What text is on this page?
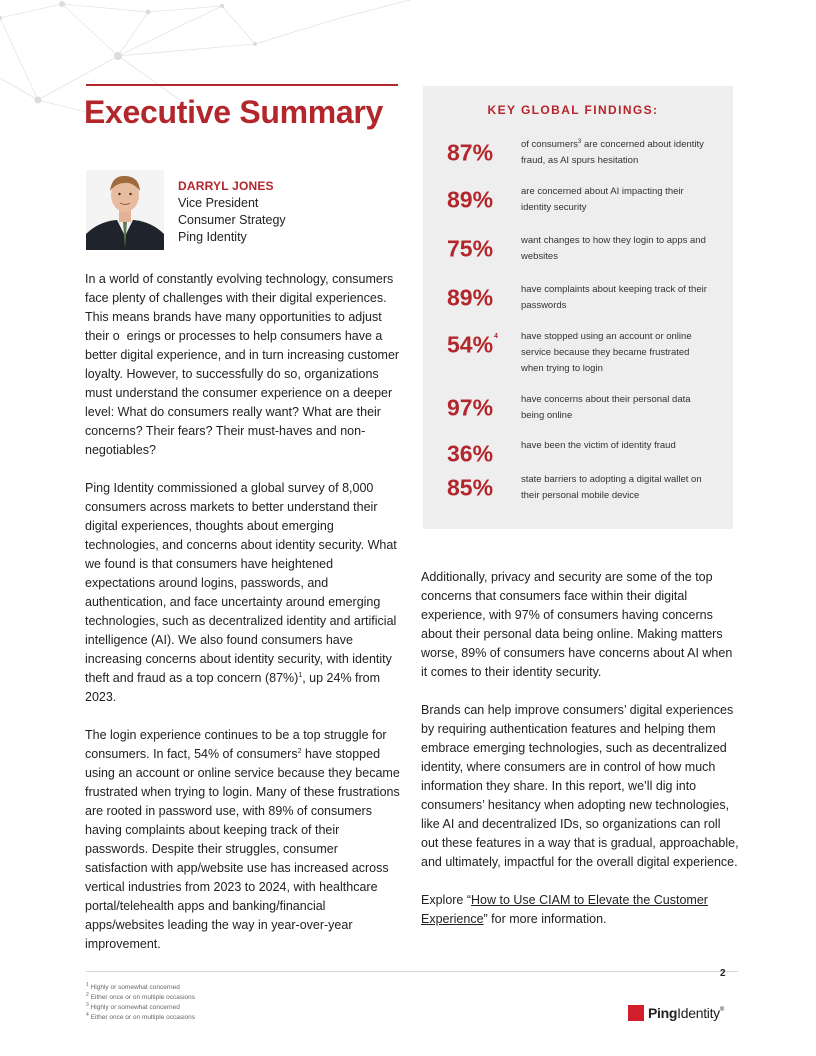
Executive Summary
DARRYL JONES
Vice President
Consumer Strategy
Ping Identity

In a world of constantly evolving technology, consumers face plenty of challenges with their digital experiences. This means brands have many opportunities to adjust their o  erings or processes to help consumers have a better digital experience, and in turn increasing customer loyalty. However, to successfully do so, organizations must understand the consumer experience on a deeper level: What do consumers really want? What are their concerns? Their fears? Their must-haves and non-negotiables?

Ping Identity commissioned a global survey of 8,000 consumers across markets to better understand their digital experiences, thoughts about emerging technologies, and concerns about identity security. What we found is that consumers have heightened expectations around logins, passwords, and authentication, and face uncertainty around emerging technologies, such as decentralized identity and artificial intelligence (AI). We also found consumers have increasing concerns about identity security, with identity theft and fraud as a top concern $(87\%)^1$, up 24% from 2023.

The login experience continues to be a top struggle for consumers. In fact, 54% of consumers$^2$ have stopped using an account or online service because they became frustrated when trying to login. Many of these frustrations are rooted in password use, with 89% of consumers having complaints about keeping track of their passwords. Despite their struggles, consumer satisfaction with app/website use has increased across vertical industries from 2023 to 2024, with healthcare portal/telehealth apps and banking/financial apps/websites leading the way in year-over-year improvement.

KEY GLOBAL FINDINGS:
87%	of consumers$^3$ are concerned about identity fraud, as AI spurs hesitation
89%	are concerned about AI impacting their identity security
75%	want changes to how they login to apps and websites
89%	have complaints about keeping track of their passwords
54%$^4$ have stopped using an account or online service because they became frustrated when trying to login
97%	have concerns about their personal data being online
36%	have been the victim of identity fraud
85%	state barriers to adopting a digital wallet on their personal mobile device

Additionally, privacy and security are some of the top concerns that consumers face within their digital experience, with 97% of consumers having concerns about their personal data being online. Making matters worse, 89% of consumers have concerns about AI when it comes to their identity security.

Brands can help improve consumers’ digital experiences by requiring authentication features and helping them embrace emerging technologies, such as decentralized identity, where consumers are in control of how much information they share. In this report, we’ll dig into consumers’ hesitancy when adopting new technologies, like AI and decentralized IDs, so organizations can roll out these features in a way that is gradual, approachable, and ultimately, impactful for the overall digital experience.

Explore “How to Use CIAM to Elevate the Customer Experience” for more information.

2
$^1$ Highly or somewhat concerned
$^2$ Either once or on multiple occasions
$^3$ Highly or somewhat concerned
$^4$ Either once or on multiple occasions	PingIdentity®
